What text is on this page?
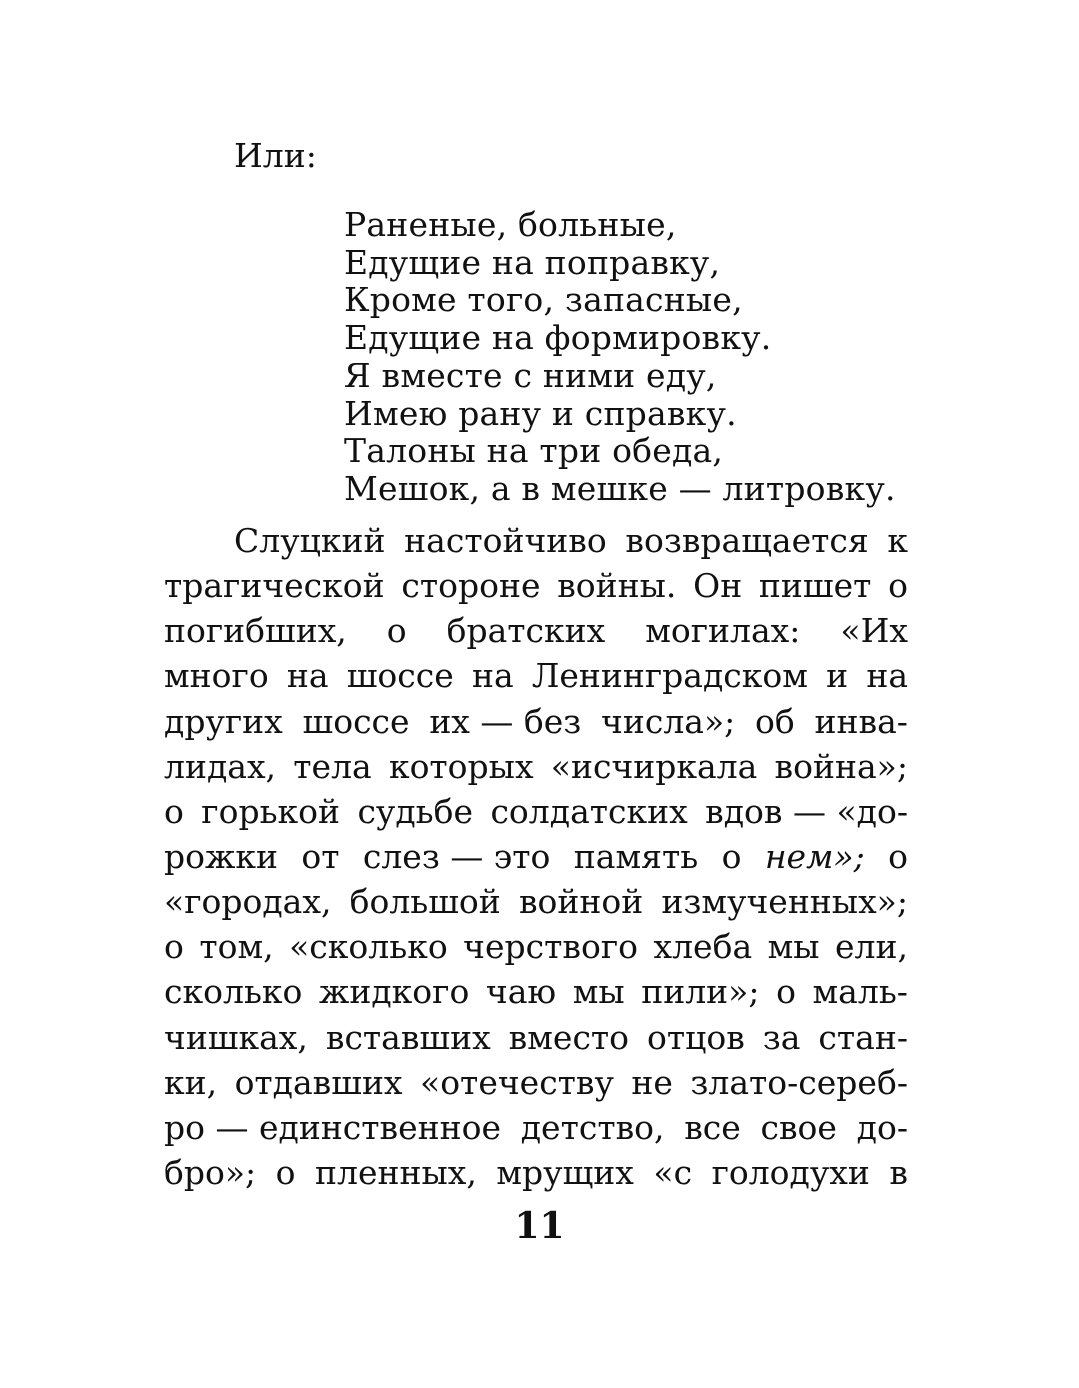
Или:

Раненые, больные,
Едущие на поправку,
Кроме того, запасные,
Едущие на формировку.
Я вместе с ними еду,
Имею рану и справку.
Талоны на три обеда,
Мешок, а в мешке — литровку.
Слуцкий настойчиво возвращается к
трагической стороне войны. Он пишет о
погибших, о братских могилах: «Их
много на шоссе на Ленинградском и на
других шоссе их — без числа»; об инва-
лидах, тела которых «исчиркала война»;
о горькой судьбе солдатских вдов — «до-
рожки от слез — это память о нем»; о
«городах, большой войной измученных»;
о том, «сколько черствого хлеба мы ели,
сколько жидкого чаю мы пили»; о маль-
чишках, вставших вместо отцов за стан-
ки, отдавших «отечеству не злато-сереб-
ро — единственное детство, все свое до-
бро»; о пленных, мрущих «с голодухи в

11
